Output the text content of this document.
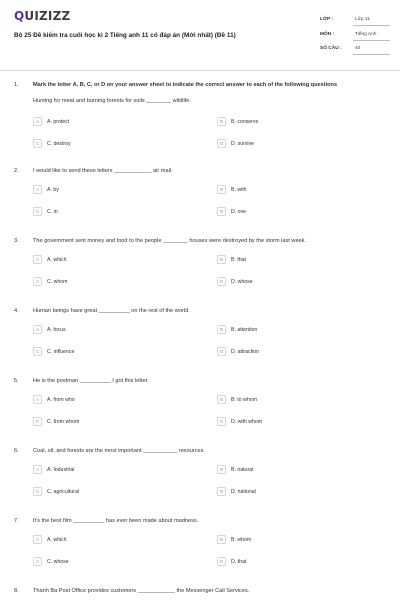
QUIZIZZ
Bộ 25 Đề kiểm tra cuối học kì 2 Tiếng anh 11 có đáp án (Mới nhất) (Đề 11)
LỚP :	Lớp 11
MÔN :	Tiếng Anh
SỐ CÂU :	40
1.	Mark the letter A, B, C, or D on your answer sheet to indicate the correct answer to each of the following questions
Hunting for meat and burning forests for soils ________ wildlife.
A	A. protect	B	B. conserve
C	C. destroy	D	D. survive
2.	I would like to send these letters ____________ air mail.
A	A. by	B	B. with
C	C. in	D	D. ove
3.	The government sent money and food to the people ________ houses were destroyed by the storm last week.
A	A. which	B	B. that
C	C. whom	D	D. whose
4.	Human beings have great __________ on the rest of the world.
A	A. focus	B	B. attention
C	C. influence	D	D. attraction
5.	He is the postman __________ I got this letter.
A	A. from who	B	B. to whom
C	C. from whom	D	D. with whom
6.	Coal, oil, and forests are the most important ___________ resources.
A	A. Industrial	B	B. natural
C	C. agricultural	D	D. national
7.	It's the best film __________ has ever been made about madness.
A	A. which	B	B. whom
C	C. whose	D	D. that
8.	Thanh Ba Post Office provides customers ____________ the Messenger Call Services.
